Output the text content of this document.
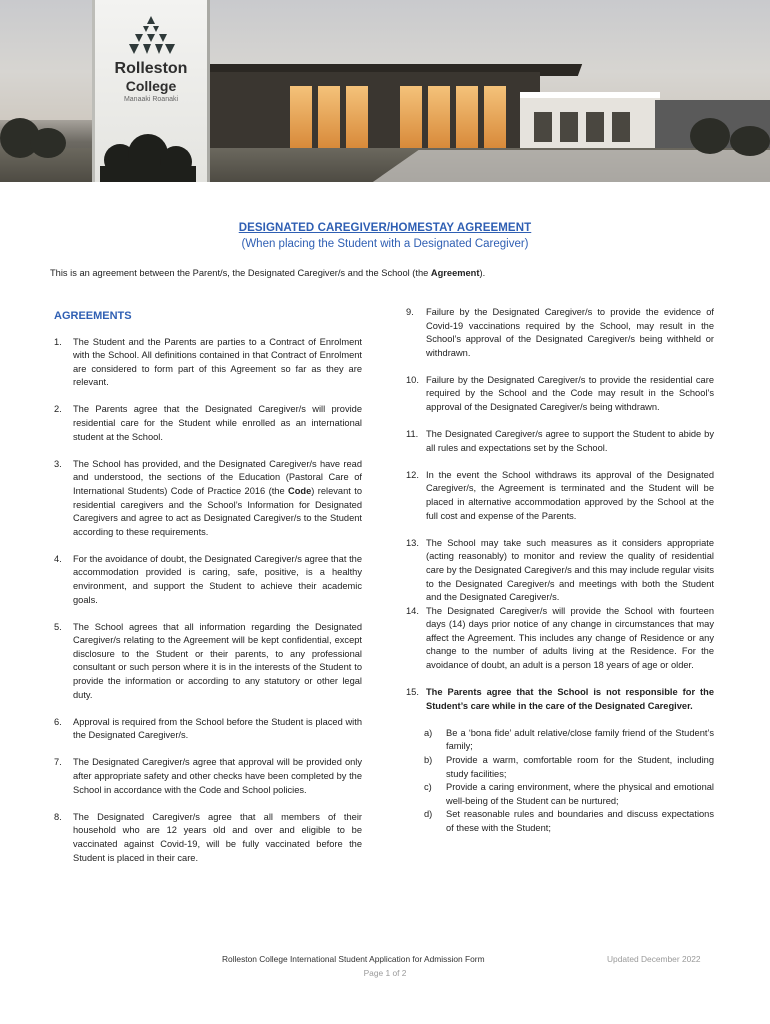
Rolleston
College
Manaaki Roanaki
DESIGNATED CAREGIVER/HOMESTAY AGREEMENT
(When placing the Student with a Designated Caregiver)
This is an agreement between the Parent/s, the Designated Caregiver/s and the School (the Agreement).
AGREEMENTS
1.	The Student and the Parents are parties to a Contract of Enrolment with the School. All definitions contained in that Contract of Enrolment are considered to form part of this Agreement so far as they are relevant.
2.	The Parents agree that the Designated Caregiver/s will provide residential care for the Student while enrolled as an international student at the School.
3.	The School has provided, and the Designated Caregiver/s have read and understood, the sections of the Education (Pastoral Care of International Students) Code of Practice 2016 (the Code) relevant to residential caregivers and the School’s Information for Designated Caregivers and agree to act as Designated Caregiver/s to the Student according to these requirements.
4.	For the avoidance of doubt, the Designated Caregiver/s agree that the accommodation provided is caring, safe, positive, is a healthy environment, and support the Student to achieve their academic goals.
5.	The School agrees that all information regarding the Designated Caregiver/s relating to the Agreement will be kept confidential, except disclosure to the Student or their parents, to any professional consultant or such person where it is in the interests of the Student to provide the information or according to any statutory or other legal duty.
6.	Approval is required from the School before the Student is placed with the Designated Caregiver/s.
7.	The Designated Caregiver/s agree that approval will be provided only after appropriate safety and other checks have been completed by the School in accordance with the Code and School policies.
8.	The Designated Caregiver/s agree that all members of their household who are 12 years old and over and eligible to be vaccinated against Covid-19, will be fully vaccinated before the Student is placed in their care.
9.	Failure by the Designated Caregiver/s to provide the evidence of Covid-19 vaccinations required by the School, may result in the School’s approval of the Designated Caregiver/s being withheld or withdrawn.
10. Failure by the Designated Caregiver/s to provide the residential care required by the School and the Code may result in the School’s approval of the Designated Caregiver/s being withdrawn.
11. The Designated Caregiver/s agree to support the Student to abide by all rules and expectations set by the School.
12. In the event the School withdraws its approval of the Designated Caregiver/s, the Agreement is terminated and the Student will be placed in alternative accommodation approved by the School at the full cost and expense of the Parents.
13. The School may take such measures as it considers appropriate (acting reasonably) to monitor and review the quality of residential care by the Designated Caregiver/s and this may include regular visits to the Designated Caregiver/s and meetings with both the Student and the Designated Caregiver/s.
14. The Designated Caregiver/s will provide the School with fourteen days (14) days prior notice of any change in circumstances that may affect the Agreement. This includes any change of Residence or any change to the number of adults living at the Residence. For the avoidance of doubt, an adult is a person 18 years of age or older.
15. The Parents agree that the School is not responsible for the Student’s care while in the care of the Designated Caregiver.
a)	Be a ‘bona fide’ adult relative/close family friend of the Student’s family;
b)	Provide a warm, comfortable room for the Student, including study facilities;
c)	Provide a caring environment, where the physical and emotional well-being of the Student can be nurtured;
d)	Set reasonable rules and boundaries and discuss expectations of these with the Student;
Rolleston College International Student Application for Admission Form	Updated December 2022
Page 1 of 2
